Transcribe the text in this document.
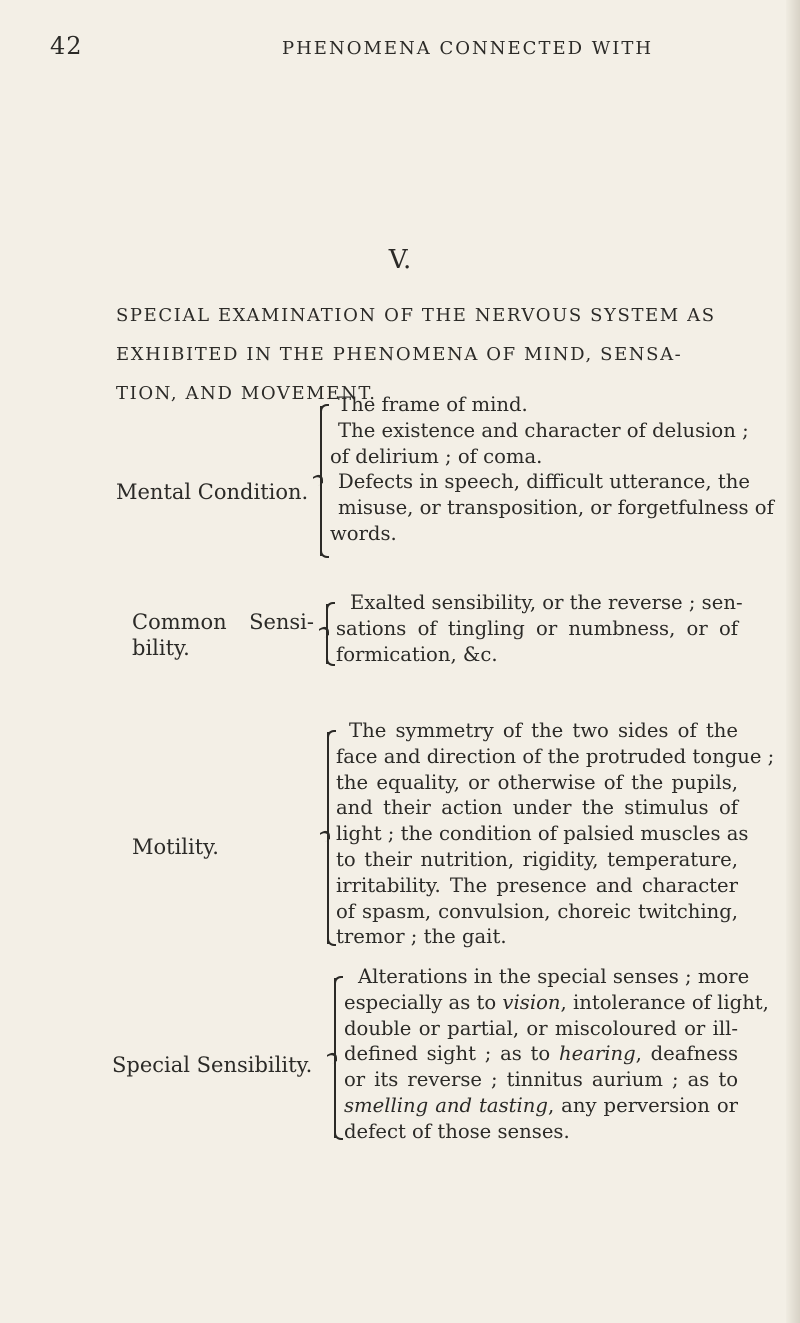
42	PHENOMENA CONNECTED WITH
V.
SPECIAL EXAMINATION OF THE NERVOUS SYSTEM AS
EXHIBITED IN THE PHENOMENA OF MIND, SENSA-
TION, AND MOVEMENT.
Mental Condition.
The frame of mind.
The existence and character of delusion ;
of delirium ; of coma.
Defects in speech, difficult utterance, the
misuse, or transposition, or forgetfulness of
words.
Common Sensi-
bility.
Exalted sensibility, or the reverse ; sen-
sations of tingling or numbness, or of
formication, &c.
Motility.
The symmetry of the two sides of the
face and direction of the protruded tongue ;
the equality, or otherwise of the pupils,
and their action under the stimulus of
light ; the condition of palsied muscles as
to their nutrition, rigidity, temperature,
irritability. The presence and character
of spasm, convulsion, choreic twitching,
tremor ; the gait.
Special Sensibility.
Alterations in the special senses ; more
especially as to vision, intolerance of light,
double or partial, or miscoloured or ill-
defined sight ; as to hearing, deafness
or its reverse ; tinnitus aurium ; as to
smelling and tasting, any perversion or
defect of those senses.
